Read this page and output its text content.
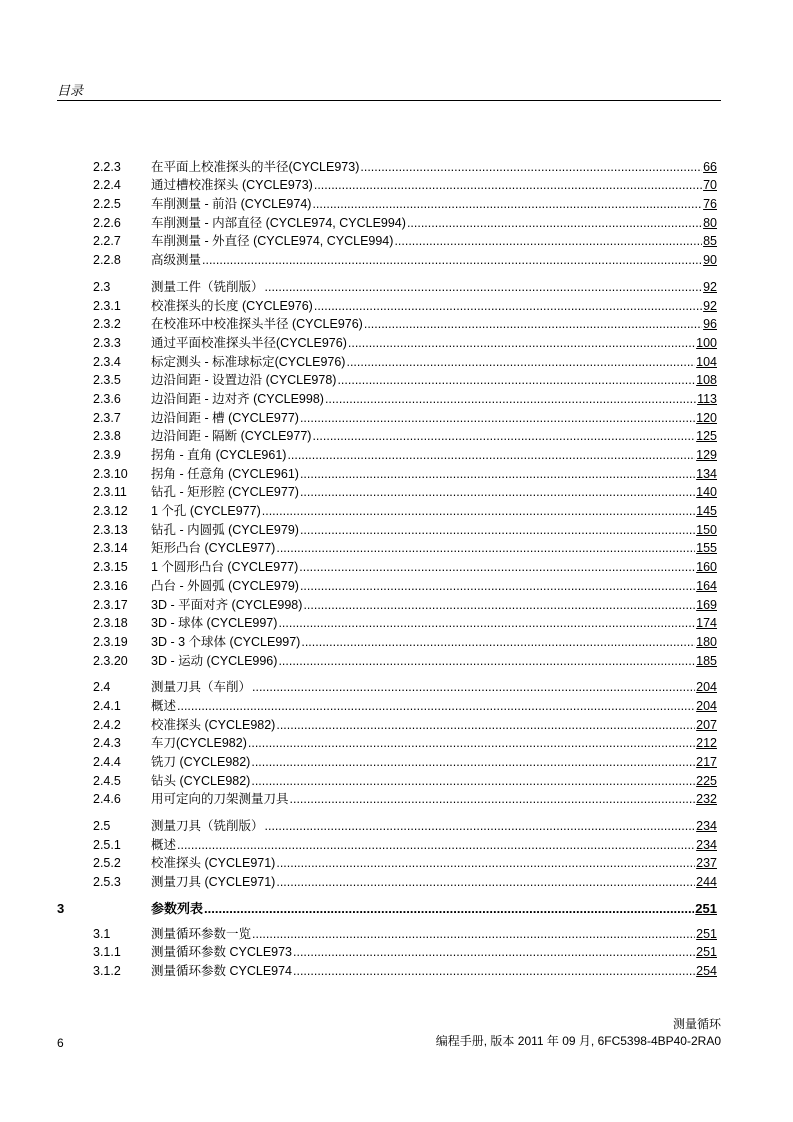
目录
2.2.3	在平面上校准探头的半径(CYCLE973) .....	66
2.2.4	通过槽校准探头 (CYCLE973) .....	70
2.2.5	车削测量 - 前沿 (CYCLE974) .....	76
2.2.6	车削测量 - 内部直径 (CYCLE974, CYCLE994) .....	80
2.2.7	车削测量 - 外直径 (CYCLE974, CYCLE994) .....	85
2.2.8	高级测量 .....	90
2.3	测量工件（铣削版） .....	92
2.3.1	校准探头的长度 (CYCLE976) .....	92
2.3.2	在校准环中校准探头半径 (CYCLE976) .....	96
2.3.3	通过平面校准探头半径(CYCLE976) .....	100
2.3.4	标定测头 - 标准球标定(CYCLE976) .....	104
2.3.5	边沿间距 - 设置边沿 (CYCLE978) .....	108
2.3.6	边沿间距 - 边对齐 (CYCLE998) .....	113
2.3.7	边沿间距 - 槽 (CYCLE977) .....	120
2.3.8	边沿间距 - 隔断 (CYCLE977) .....	125
2.3.9	拐角 - 直角 (CYCLE961) .....	129
2.3.10	拐角 - 任意角 (CYCLE961) .....	134
2.3.11	钻孔 - 矩形腔 (CYCLE977) .....	140
2.3.12	1 个孔 (CYCLE977) .....	145
2.3.13	钻孔 - 内圆弧 (CYCLE979) .....	150
2.3.14	矩形凸台 (CYCLE977) .....	155
2.3.15	1 个圆形凸台 (CYCLE977) .....	160
2.3.16	凸台 - 外圆弧 (CYCLE979) .....	164
2.3.17	3D - 平面对齐 (CYCLE998) .....	169
2.3.18	3D - 球体 (CYCLE997) .....	174
2.3.19	3D - 3 个球体 (CYCLE997) .....	180
2.3.20	3D - 运动 (CYCLE996) .....	185
2.4	测量刀具（车削） .....	204
2.4.1	概述 .....	204
2.4.2	校准探头 (CYCLE982) .....	207
2.4.3	车刀(CYCLE982) .....	212
2.4.4	铣刀 (CYCLE982) .....	217
2.4.5	钻头 (CYCLE982) .....	225
2.4.6	用可定向的刀架测量刀具 .....	232
2.5	测量刀具（铣削版） .....	234
2.5.1	概述 .....	234
2.5.2	校准探头 (CYCLE971) .....	237
2.5.3	测量刀具 (CYCLE971) .....	244
3	参数列表 .....	251
3.1	测量循环参数一览 .....	251
3.1.1	测量循环参数 CYCLE973 .....	251
3.1.2	测量循环参数 CYCLE974 .....	254
6
测量循环
编程手册, 版本 2011 年 09 月, 6FC5398-4BP40-2RA0
